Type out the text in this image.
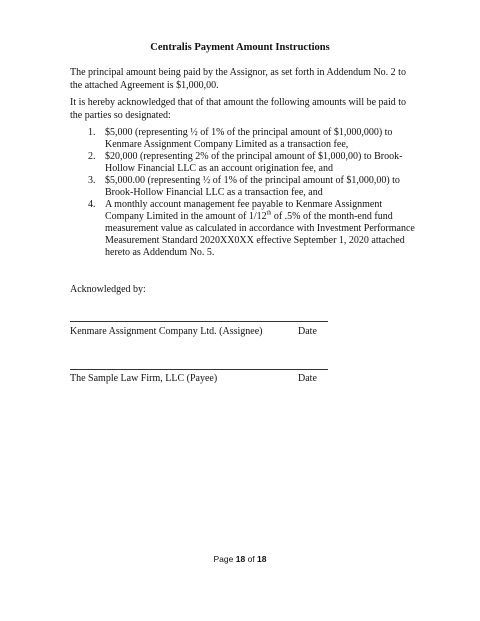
Centralis Payment Amount Instructions

The principal amount being paid by the Assignor, as set forth in Addendum No. 2 to the attached Agreement is $1,000,00.

It is hereby acknowledged that of that amount the following amounts will be paid to the parties so designated:

1. $5,000 (representing ½ of 1% of the principal amount of $1,000,000) to Kenmare Assignment Company Limited as a transaction fee,
2. $20,000 (representing 2% of the principal amount of $1,000,00) to Brook-Hollow Financial LLC as an account origination fee, and
3. $5,000.00 (representing ½ of 1% of the principal amount of $1,000,00) to Brook-Hollow Financial LLC as a transaction fee, and
4. A monthly account management fee payable to Kenmare Assignment Company Limited in the amount of 1/12th of .5% of the month-end fund measurement value as calculated in accordance with Investment Performance Measurement Standard 2020XX0XX effective September 1, 2020 attached hereto as Addendum No. 5.

Acknowledged by:

Kenmare Assignment Company Ltd. (Assignee)	Date
The Sample Law Firm, LLC (Payee)	Date
Page 18 of 18
